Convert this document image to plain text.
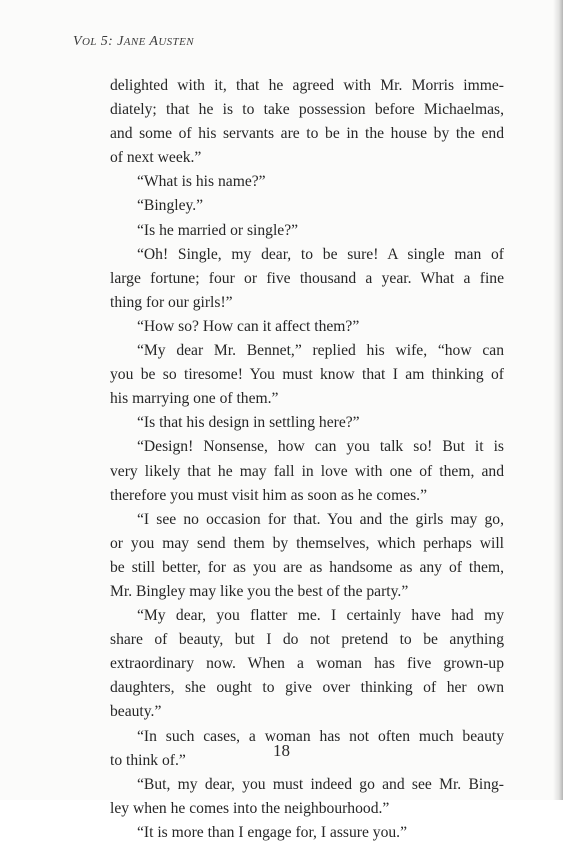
VOL 5: JANE AUSTEN
delighted with it, that he agreed with Mr. Morris imme-
diately; that he is to take possession before Michaelmas,
and some of his servants are to be in the house by the end
of next week.”
“What is his name?”
“Bingley.”
“Is he married or single?”
“Oh! Single, my dear, to be sure! A single man of
large fortune; four or five thousand a year. What a fine
thing for our girls!”
“How so? How can it affect them?”
“My dear Mr. Bennet,” replied his wife, “how can
you be so tiresome! You must know that I am thinking of
his marrying one of them.”
“Is that his design in settling here?”
“Design! Nonsense, how can you talk so! But it is
very likely that he may fall in love with one of them, and
therefore you must visit him as soon as he comes.”
“I see no occasion for that. You and the girls may go,
or you may send them by themselves, which perhaps will
be still better, for as you are as handsome as any of them,
Mr. Bingley may like you the best of the party.”
“My dear, you flatter me. I certainly have had my
share of beauty, but I do not pretend to be anything
extraordinary now. When a woman has five grown-up
daughters, she ought to give over thinking of her own
beauty.”
“In such cases, a woman has not often much beauty
to think of.”
“But, my dear, you must indeed go and see Mr. Bing-
ley when he comes into the neighbourhood.”
“It is more than I engage for, I assure you.”
18
